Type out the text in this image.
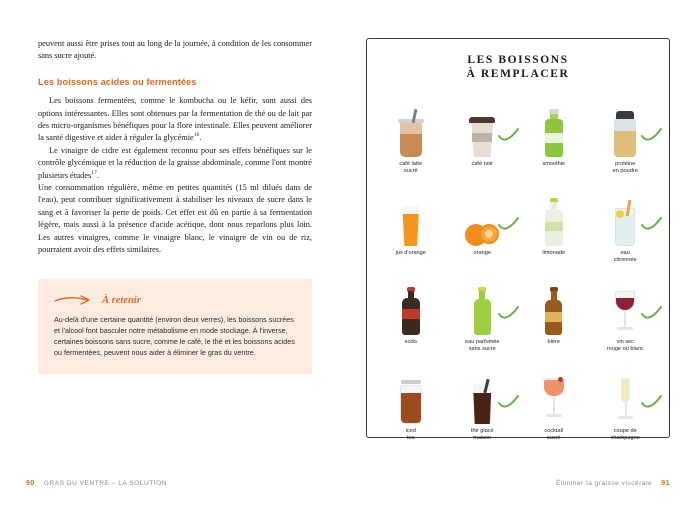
peuvent aussi être prises tout au long de la journée, à condition de les consommer sans sucre ajouté.

Les boissons acides ou fermentées

Les boissons fermentées, comme le kombucha ou le kéfir, sont aussi des options intéressantes. Elles sont obtenues par la fermentation de thé ou de lait par des micro-organismes bénéfiques pour la flore intestinale. Elles peuvent améliorer la santé digestive et aider à réguler la glycémie$^{16}$.

Le vinaigre de cidre est également reconnu pour ses effets bénéfiques sur le contrôle glycémique et la réduction de la graisse abdominale, comme l'ont montré plusieurs études$^{17}$.

Une consommation régulière, même en petites quantités (15 ml dilués dans de l'eau), peut contribuer significativement à stabiliser les niveaux de sucre dans le sang et à favoriser la perte de poids. Cet effet est dû en partie à sa fermentation légère, mais aussi à la présence d'acide acétique, dont nous reparlons plus loin. Les autres vinaigres, comme le vinaigre blanc, le vinaigre de vin ou de riz, pourraient avoir des effets similaires.

À retenir

Au-delà d'une certaine quantité (environ deux verres), les boissons sucrées et l'alcool font basculer notre métabolisme en mode stockage. À l'inverse, certaines boissons sans sucre, comme le café, le thé et les boissons acides ou fermentées, peuvent nous aider à éliminer le gras du ventre.

90 GRAS DU VENTRE – LA SOLUTION
LES BOISSONS
À REMPLACER
café latte
sucré
café noir	smoothie	protéine
en poudre
jus d'orange	orange	limonade	eau
citronnée
soda	eau parfumée
sans sucre
bière	vin sec
rouge ou blanc
iced
tea
thé glacé
maison
cocktail
sucré
coupe de
champagne
Éliminer la graisse viscérale 91
